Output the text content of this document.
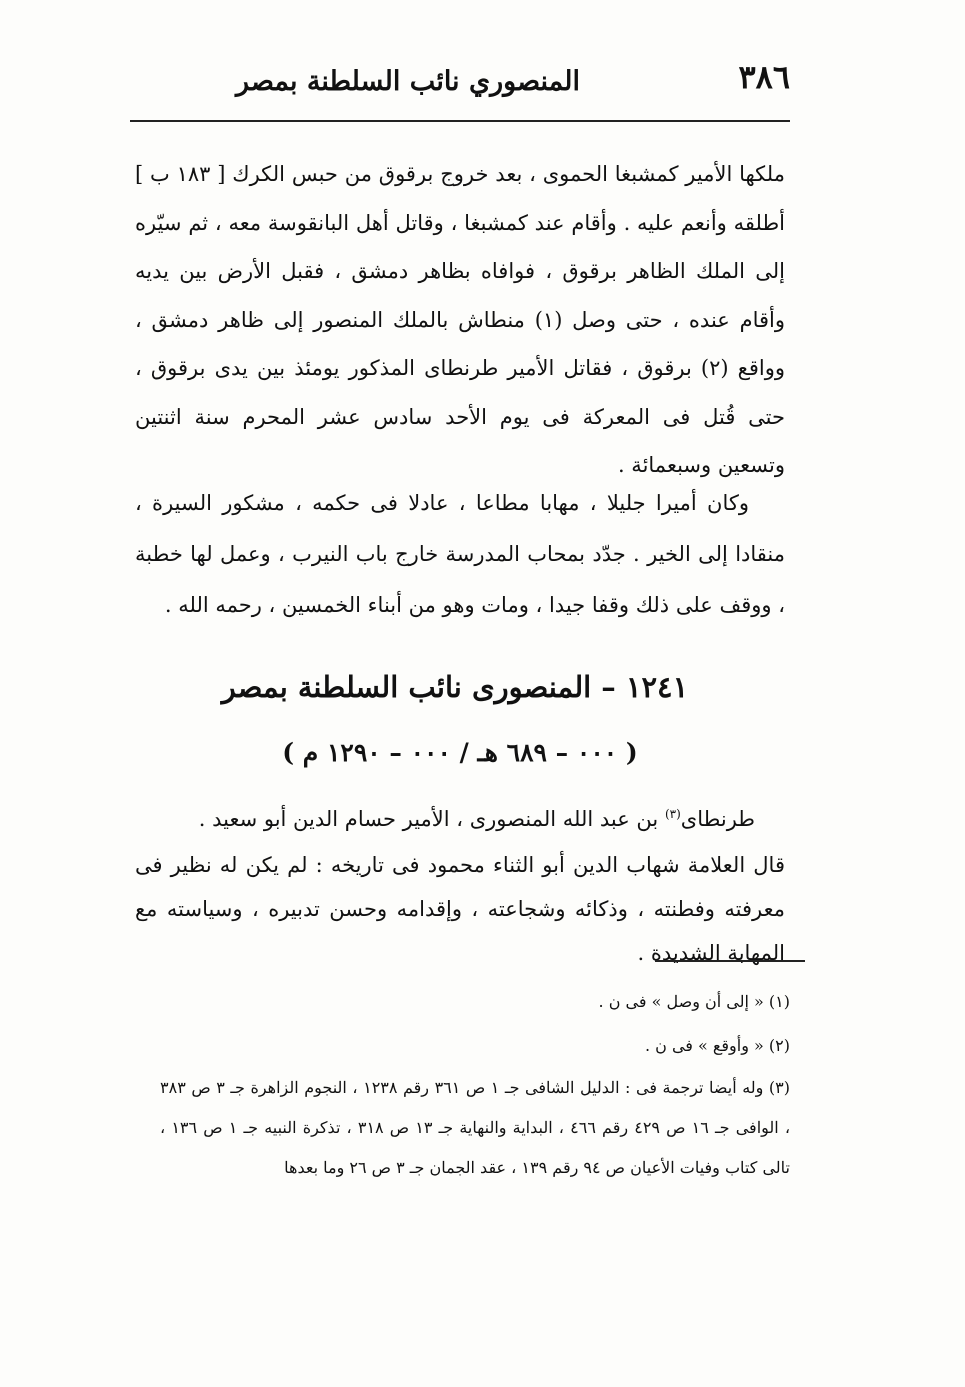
٣٨٦
المنصوري نائب السلطنة بمصر

ملكها الأمير كمشبغا الحموى ، بعد خروج برقوق من حبس الكرك [ ١٨٣ ب ] أطلقه وأنعم عليه . وأقام عند كمشبغا ، وقاتل أهل البانقوسة معه ، ثم سيّره إلى الملك الظاهر برقوق ، فوافاه بظاهر دمشق ، فقبل الأرض بين يديه وأقام عنده ، حتى وصل (١) منطاش بالملك المنصور إلى ظاهر دمشق ، وواقع (٢) برقوق ، فقاتل الأمير طرنطاى المذكور يومئذ بين يدى برقوق ، حتى قُتل فى المعركة فى يوم الأحد سادس عشر المحرم سنة اثنتين وتسعين وسبعمائة .

وكان أميرا جليلا ، مهابا مطاعا ، عادلا فى حكمه ، مشكور السيرة ، منقادا إلى الخير . جدّد بمحاب المدرسة خارج باب النيرب ، وعمل لها خطبة ، ووقف على ذلك وقفا جيدا ، ومات وهو من أبناء الخمسين ، رحمه الله .

١٢٤١ – المنصورى نائب السلطنة بمصر
( ٠٠٠ – ٦٨٩ هـ / ٠٠٠ – ١٢٩٠ م )
طرنطاى$^{(٣)}$ بن عبد الله المنصورى ، الأمير حسام الدين أبو سعيد .

قال العلامة شهاب الدين أبو الثناء محمود فى تاريخه : لم يكن له نظير فى معرفته وفطنته ، وذكائه وشجاعته ، وإقدامه وحسن تدبيره ، وسياسته مع المهابة الشديدة .

(١) « إلى أن وصل » فى ن .

(٢) « وأوقع » فى ن .

(٣) وله أيضا ترجمة فى : الدليل الشافى جـ ١ ص ٣٦١ رقم ١٢٣٨ ، النجوم الزاهرة جـ ٣ ص ٣٨٣ ، الوافى جـ ١٦ ص ٤٢٩ رقم ٤٦٦ ، البداية والنهاية جـ ١٣ ص ٣١٨ ، تذكرة النبيه جـ ١ ص ١٣٦ ، تالى كتاب وفيات الأعيان ص ٩٤ رقم ١٣٩ ، عقد الجمان جـ ٣ ص ٢٦ وما بعدها
